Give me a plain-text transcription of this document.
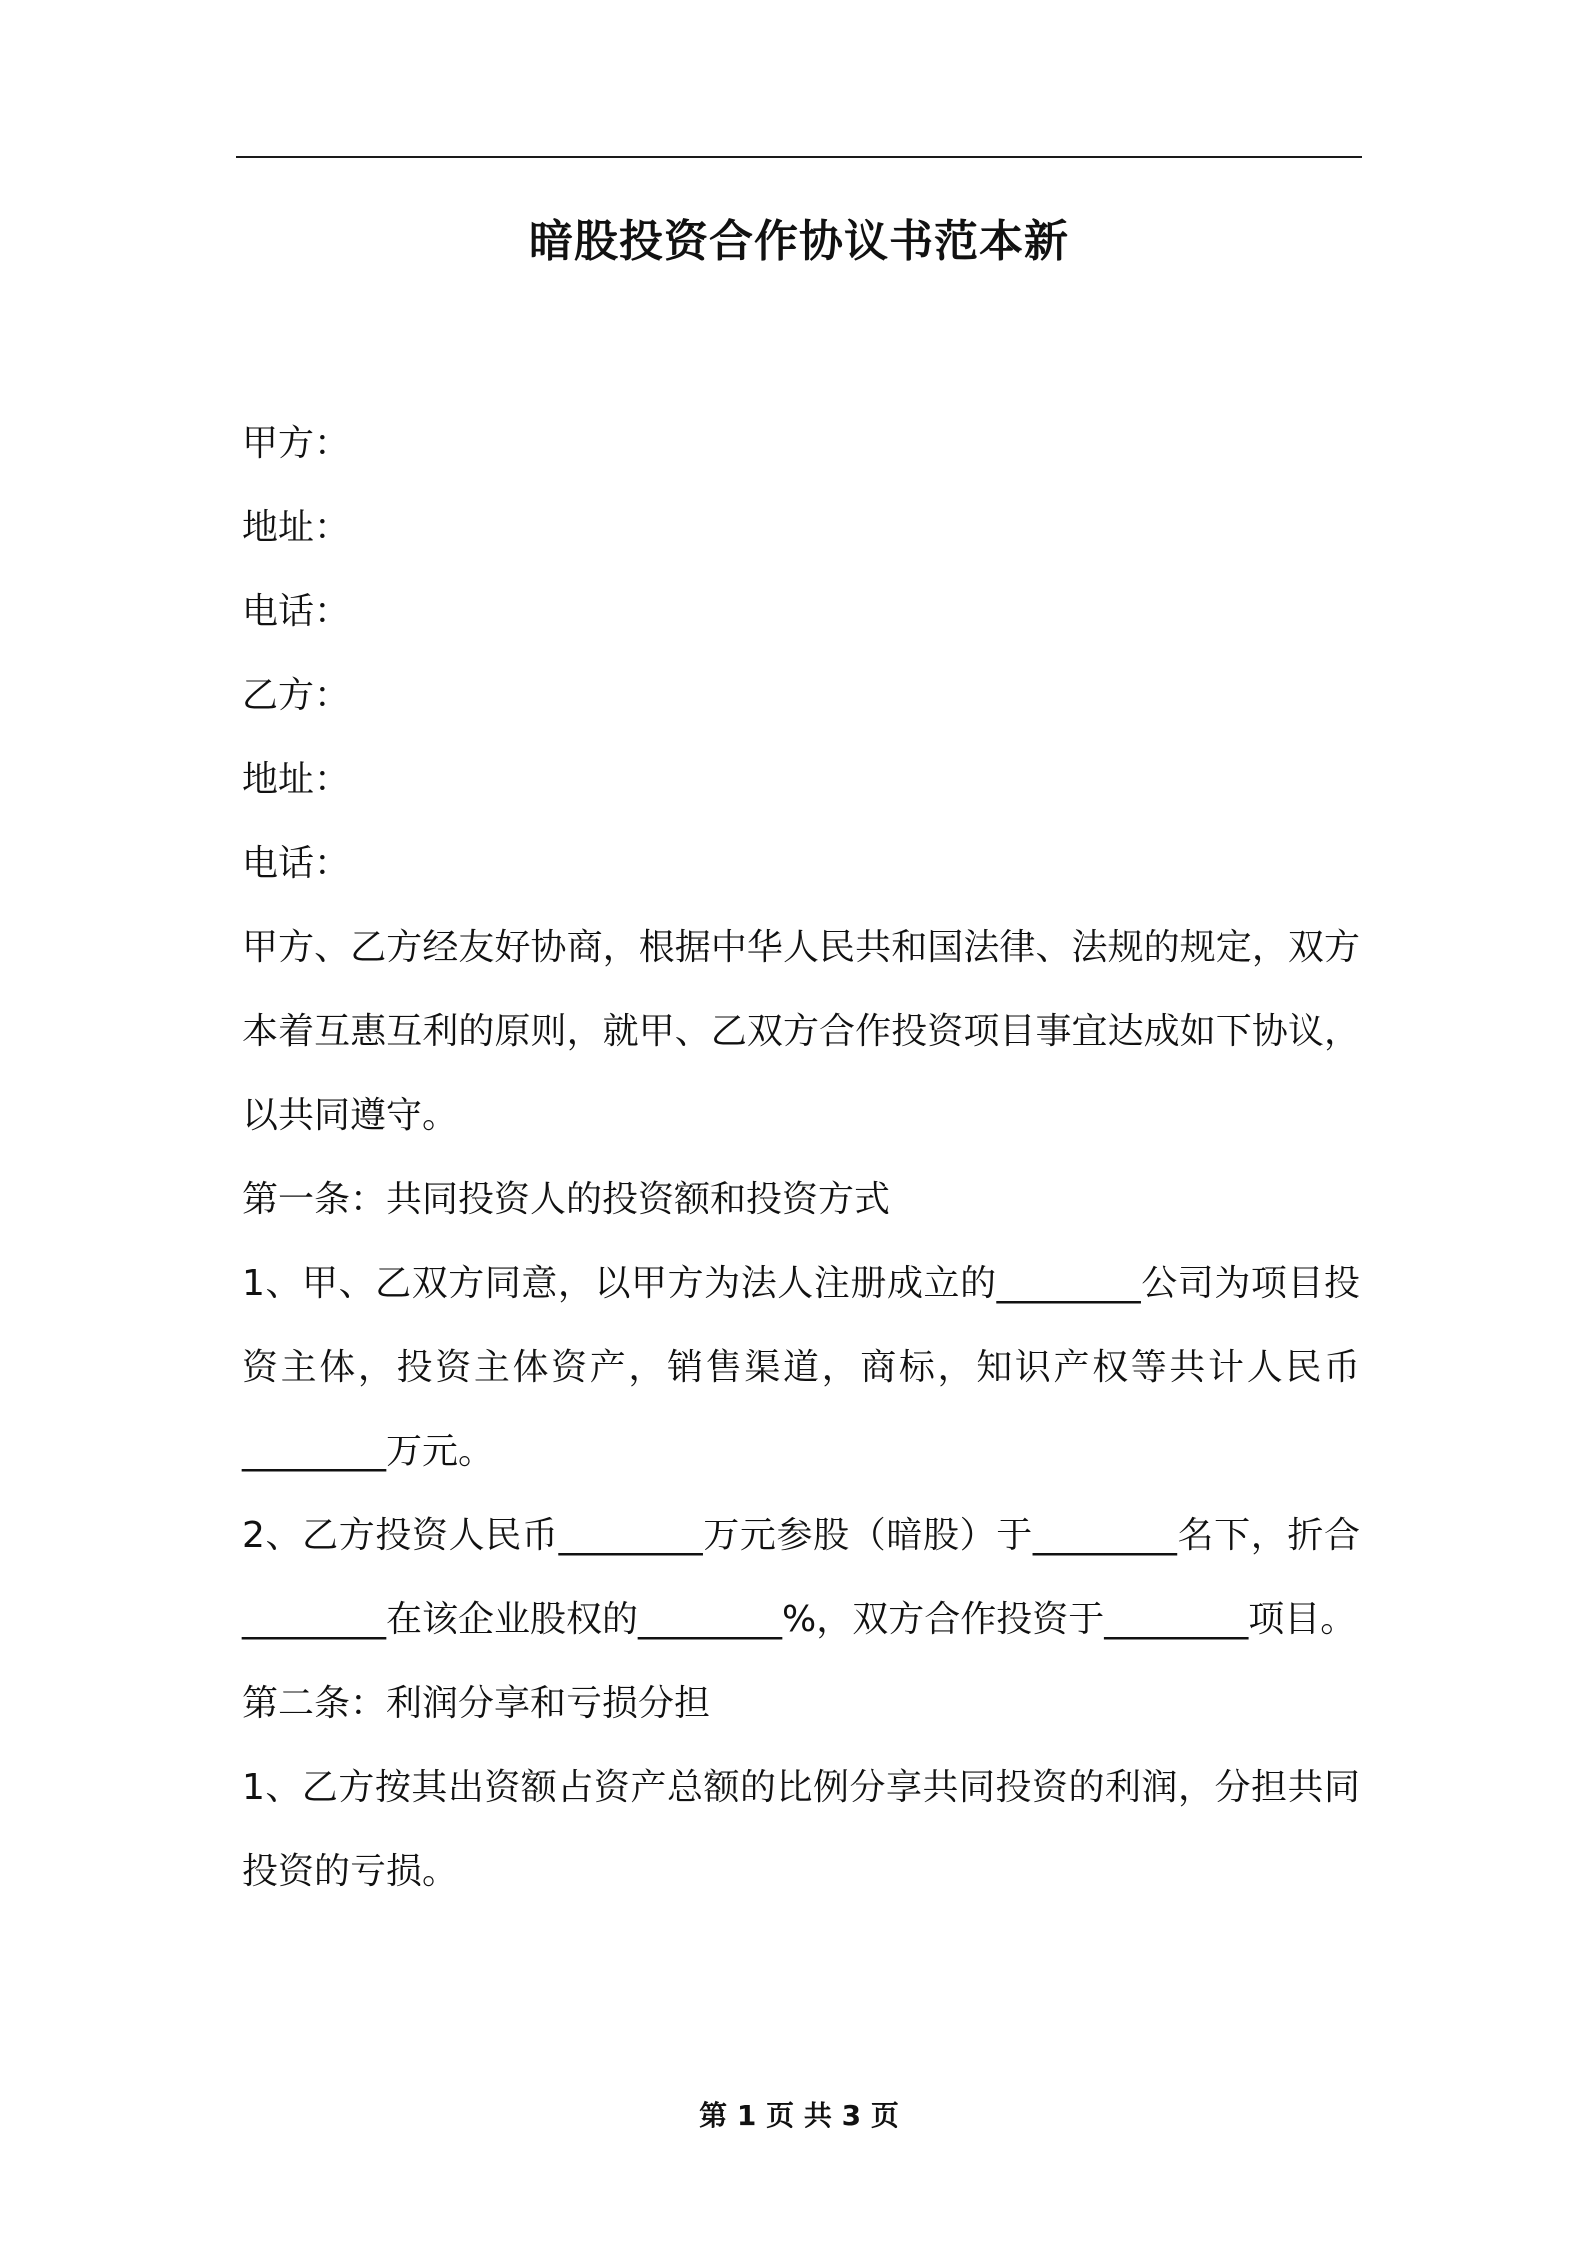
暗股投资合作协议书范本新

甲方：

地址：

电话：

乙方：

地址：

电话：

甲方、乙方经友好协商，根据中华人民共和国法律、法规的规定，双方本着互惠互利的原则，就甲、乙双方合作投资项目事宜达成如下协议，以共同遵守。

第一条：共同投资人的投资额和投资方式

1、甲、乙双方同意，以甲方为法人注册成立的________公司为项目投资主体，投资主体资产，销售渠道，商标，知识产权等共计人民币________万元。

2、乙方投资人民币________万元参股（暗股）于________名下，折合________在该企业股权的________%，双方合作投资于________项目。

第二条：利润分享和亏损分担

1、乙方按其出资额占资产总额的比例分享共同投资的利润，分担共同投资的亏损。

第 1 页 共 3 页
